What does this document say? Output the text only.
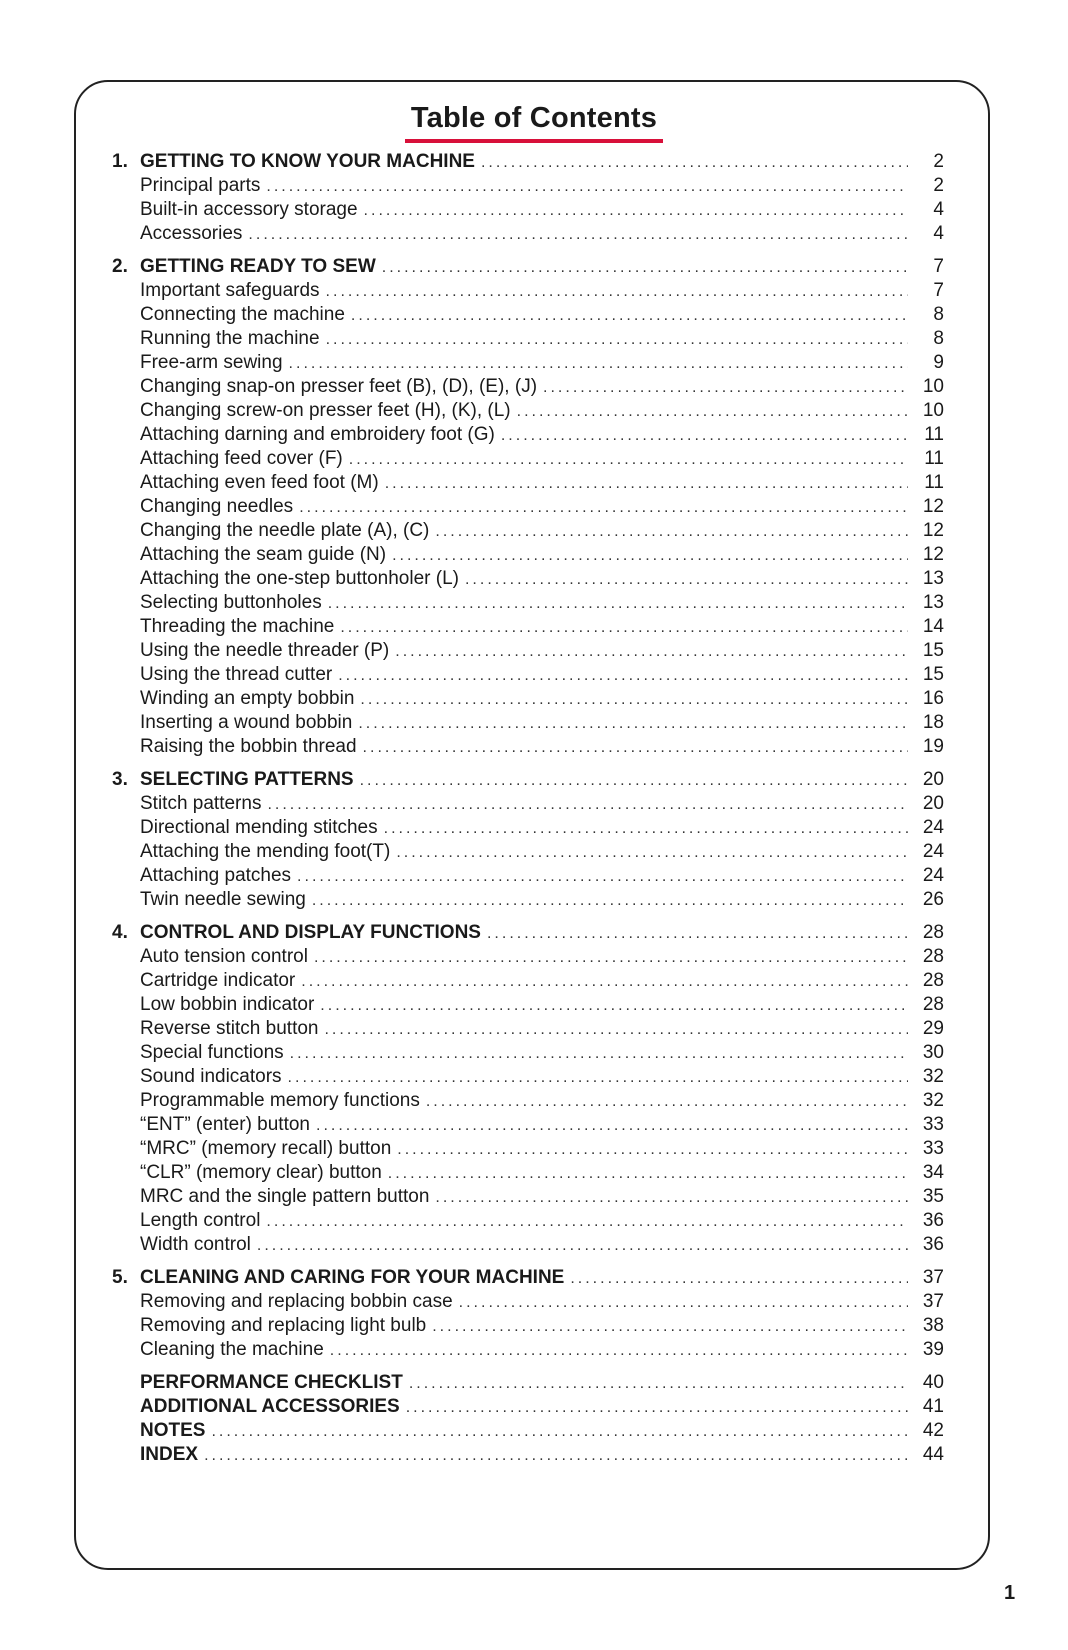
Table of Contents
1. GETTING TO KNOW YOUR MACHINE .....	2
Principal parts .....	2
Built-in accessory storage .....	4
Accessories .....	4
2. GETTING READY TO SEW .....	7
Important safeguards .....	7
Connecting the machine .....	8
Running the machine .....	8
Free-arm sewing .....	9
Changing snap-on presser feet (B), (D), (E), (J) .....	10
Changing screw-on presser feet (H), (K), (L) .....	10
Attaching darning and embroidery foot (G) .....	11
Attaching feed cover (F) .....	11
Attaching even feed foot (M) .....	11
Changing needles .....	12
Changing the needle plate (A), (C) .....	12
Attaching the seam guide (N) .....	12
Attaching the one-step buttonholer (L) .....	13
Selecting buttonholes .....	13
Threading the machine .....	14
Using the needle threader (P) .....	15
Using the thread cutter .....	15
Winding an empty bobbin .....	16
Inserting a wound bobbin .....	18
Raising the bobbin thread .....	19
3. SELECTING PATTERNS .....	20
Stitch patterns .....	20
Directional mending stitches .....	24
Attaching the mending foot(T) .....	24
Attaching patches .....	24
Twin needle sewing .....	26
4. CONTROL AND DISPLAY FUNCTIONS .....	28
Auto tension control .....	28
Cartridge indicator .....	28
Low bobbin indicator .....	28
Reverse stitch button .....	29
Special functions .....	30
Sound indicators .....	32
Programmable memory functions .....	32
“ENT” (enter) button .....	33
“MRC” (memory recall) button .....	33
“CLR” (memory clear) button .....	34
MRC and the single pattern button .....	35
Length control .....	36
Width control .....	36
5. CLEANING AND CARING FOR YOUR MACHINE .....	37
Removing and replacing bobbin case .....	37
Removing and replacing light bulb .....	38
Cleaning the machine .....	39
PERFORMANCE CHECKLIST .....	40
ADDITIONAL ACCESSORIES .....	41
NOTES .....	42
INDEX .....	44
1
